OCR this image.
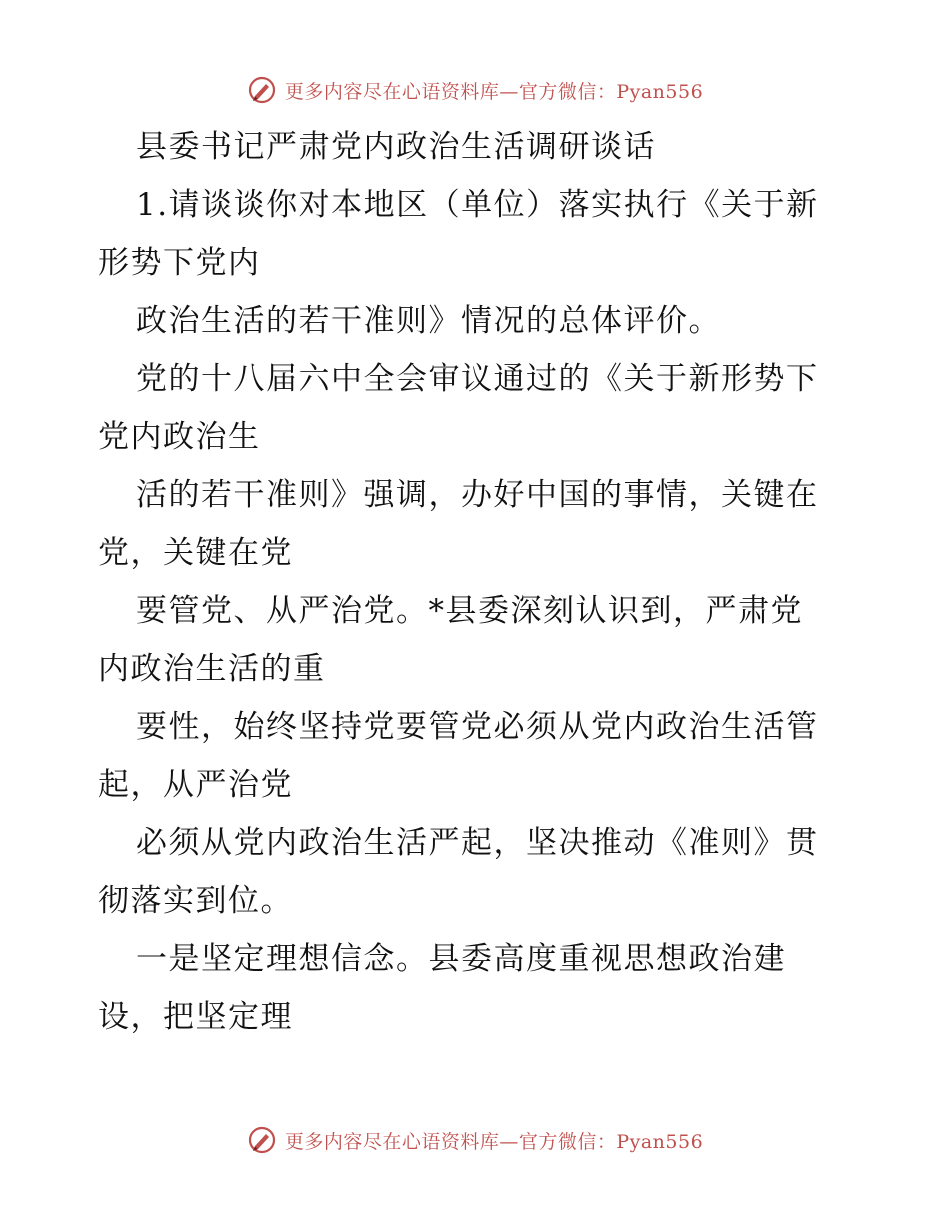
更多内容尽在心语资料库—官方微信：Pyan556
县委书记严肃党内政治生活调研谈话
1.请谈谈你对本地区（单位）落实执行《关于新
形势下党内
政治生活的若干准则》情况的总体评价。
党的十八届六中全会审议通过的《关于新形势下
党内政治生
活的若干准则》强调，办好中国的事情，关键在
党，关键在党
要管党、从严治党。*县委深刻认识到，严肃党
内政治生活的重
要性，始终坚持党要管党必须从党内政治生活管
起，从严治党
必须从党内政治生活严起，坚决推动《准则》贯
彻落实到位。
一是坚定理想信念。县委高度重视思想政治建
设，把坚定理
更多内容尽在心语资料库—官方微信：Pyan556
